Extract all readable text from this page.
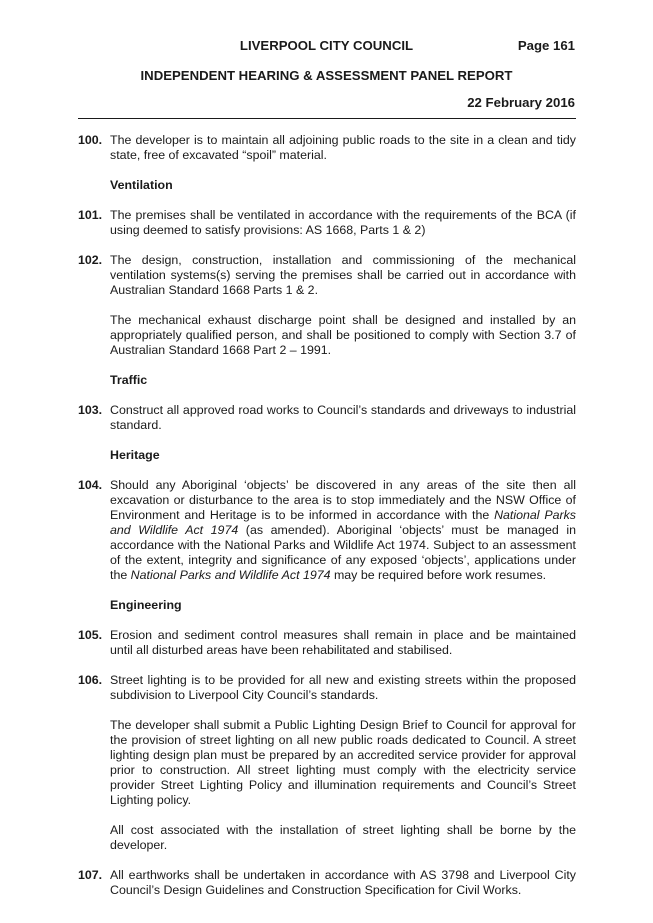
LIVERPOOL CITY COUNCIL	Page 161
INDEPENDENT HEARING & ASSESSMENT PANEL REPORT
22 February 2016
100. The developer is to maintain all adjoining public roads to the site in a clean and tidy state, free of excavated “spoil” material.

Ventilation
101. The premises shall be ventilated in accordance with the requirements of the BCA (if using deemed to satisfy provisions: AS 1668, Parts 1 & 2)

102. The design, construction, installation and commissioning of the mechanical ventilation systems(s) serving the premises shall be carried out in accordance with Australian Standard 1668 Parts 1 & 2.

The mechanical exhaust discharge point shall be designed and installed by an appropriately qualified person, and shall be positioned to comply with Section 3.7 of Australian Standard 1668 Part 2 – 1991.

Traffic
103. Construct all approved road works to Council’s standards and driveways to industrial standard.

Heritage
104. Should any Aboriginal ‘objects’ be discovered in any areas of the site then all excavation or disturbance to the area is to stop immediately and the NSW Office of Environment and Heritage is to be informed in accordance with the National Parks and Wildlife Act 1974 (as amended). Aboriginal ‘objects’ must be managed in accordance with the National Parks and Wildlife Act 1974. Subject to an assessment of the extent, integrity and significance of any exposed ‘objects’, applications under the National Parks and Wildlife Act 1974 may be required before work resumes.

Engineering
105. Erosion and sediment control measures shall remain in place and be maintained until all disturbed areas have been rehabilitated and stabilised.

106. Street lighting is to be provided for all new and existing streets within the proposed subdivision to Liverpool City Council’s standards.

The developer shall submit a Public Lighting Design Brief to Council for approval for the provision of street lighting on all new public roads dedicated to Council. A street lighting design plan must be prepared by an accredited service provider for approval prior to construction. All street lighting must comply with the electricity service provider Street Lighting Policy and illumination requirements and Council’s Street Lighting policy.

All cost associated with the installation of street lighting shall be borne by the developer.

107. All earthworks shall be undertaken in accordance with AS 3798 and Liverpool City Council’s Design Guidelines and Construction Specification for Civil Works.
